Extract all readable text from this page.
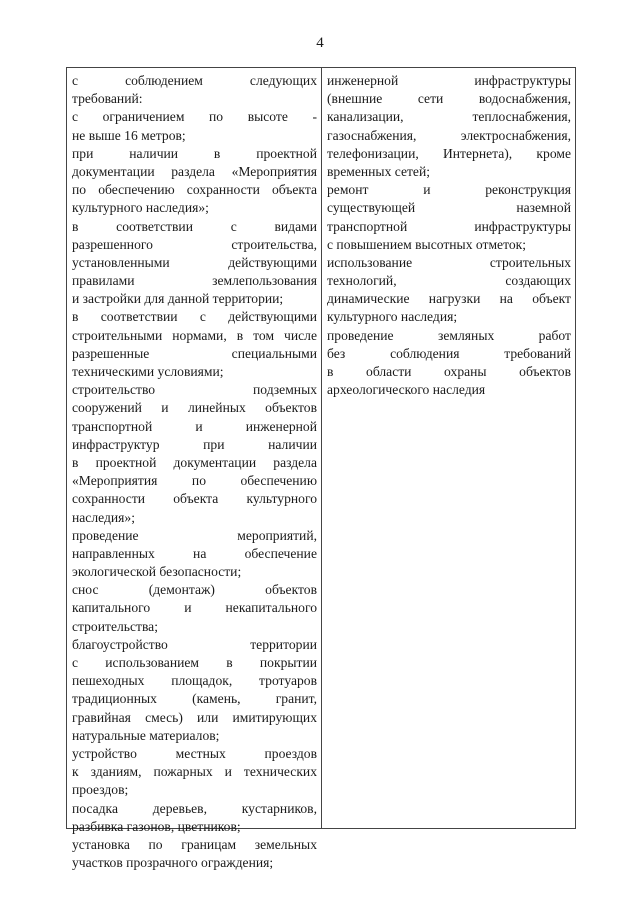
4
с соблюдением следующих
требований:
с ограничением по высоте -
не выше 16 метров;
при наличии в проектной
документации раздела «Мероприятия
по обеспечению сохранности объекта
культурного наследия»;
в соответствии с видами
разрешенного строительства,
установленными действующими
правилами землепользования
и застройки для данной территории;
в соответствии с действующими
строительными нормами, в том числе
разрешенные специальными
техническими условиями;
строительство подземных
сооружений и линейных объектов
транспортной и инженерной
инфраструктур при наличии
в проектной документации раздела
«Мероприятия по обеспечению
сохранности объекта культурного
наследия»;
проведение мероприятий,
направленных на обеспечение
экологической безопасности;
снос (демонтаж) объектов
капитального и некапитального
строительства;
благоустройство территории
с использованием в покрытии
пешеходных площадок, тротуаров
традиционных (камень, гранит,
гравийная смесь) или имитирующих
натуральные материалов;
устройство местных проездов
к зданиям, пожарных и технических
проездов;
посадка деревьев, кустарников,
разбивка газонов, цветников;
установка по границам земельных
участков прозрачного ограждения;
инженерной инфраструктуры
(внешние сети водоснабжения,
канализации, теплоснабжения,
газоснабжения, электроснабжения,
телефонизации, Интернета), кроме
временных сетей;
ремонт и реконструкция
существующей наземной
транспортной инфраструктуры
с повышением высотных отметок;
использование строительных
технологий, создающих
динамические нагрузки на объект
культурного наследия;
проведение земляных работ
без соблюдения требований
в области охраны объектов
археологического наследия
